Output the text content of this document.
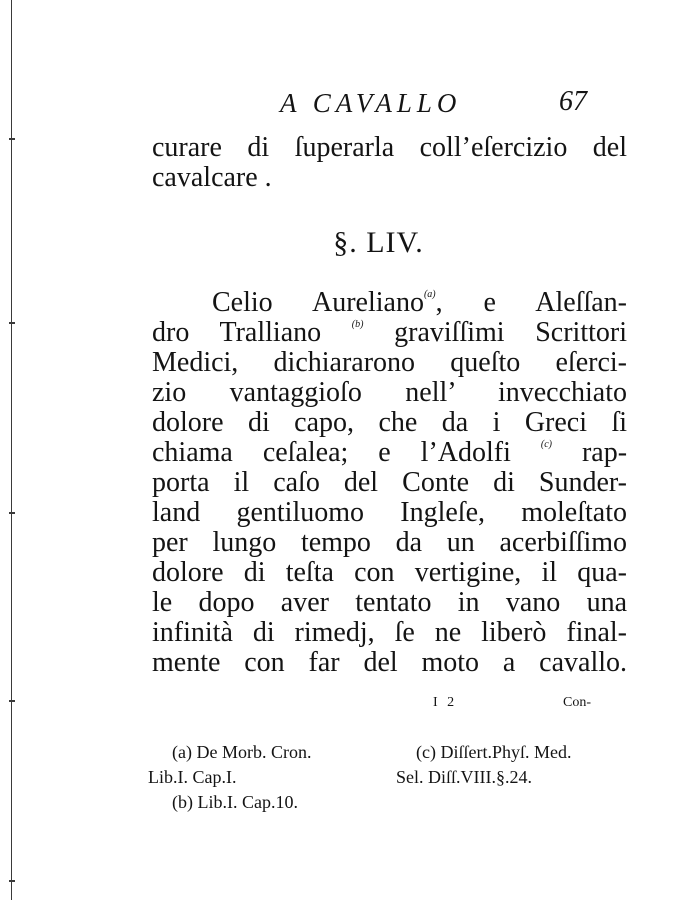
A CAVALLO	67
curare di ſuperarla coll’eſercizio del
cavalcare .
§. LIV.
Celio Aureliano$^{(a)}$, e Aleſſan-
dro Tralliano	$^{(b)}$ graviſſimi Scrittori
Medici, dichiararono queſto eſerci-
zio vantaggioſo nell’ invecchiato
dolore di capo, che da i Greci ſi
chiama ceſalea; e l’Adolfi	$^{(c)}$ rap-
porta il caſo del Conte di Sunder-
land gentiluomo Ingleſe, moleſtato
per lungo tempo da un acerbiſſimo
dolore di teſta con vertigine, il qua-
le dopo aver tentato in vano una
infinità di rimedj, ſe ne liberò final-
mente con far del moto a cavallo.
I 2	Con-
(a) De Morb. Cron.
Lib.I. Cap.I.
(b) Lib.I. Cap.10.
(c) Diſſert.Phyſ. Med.
Sel. Diſſ.VIII.§.24.
